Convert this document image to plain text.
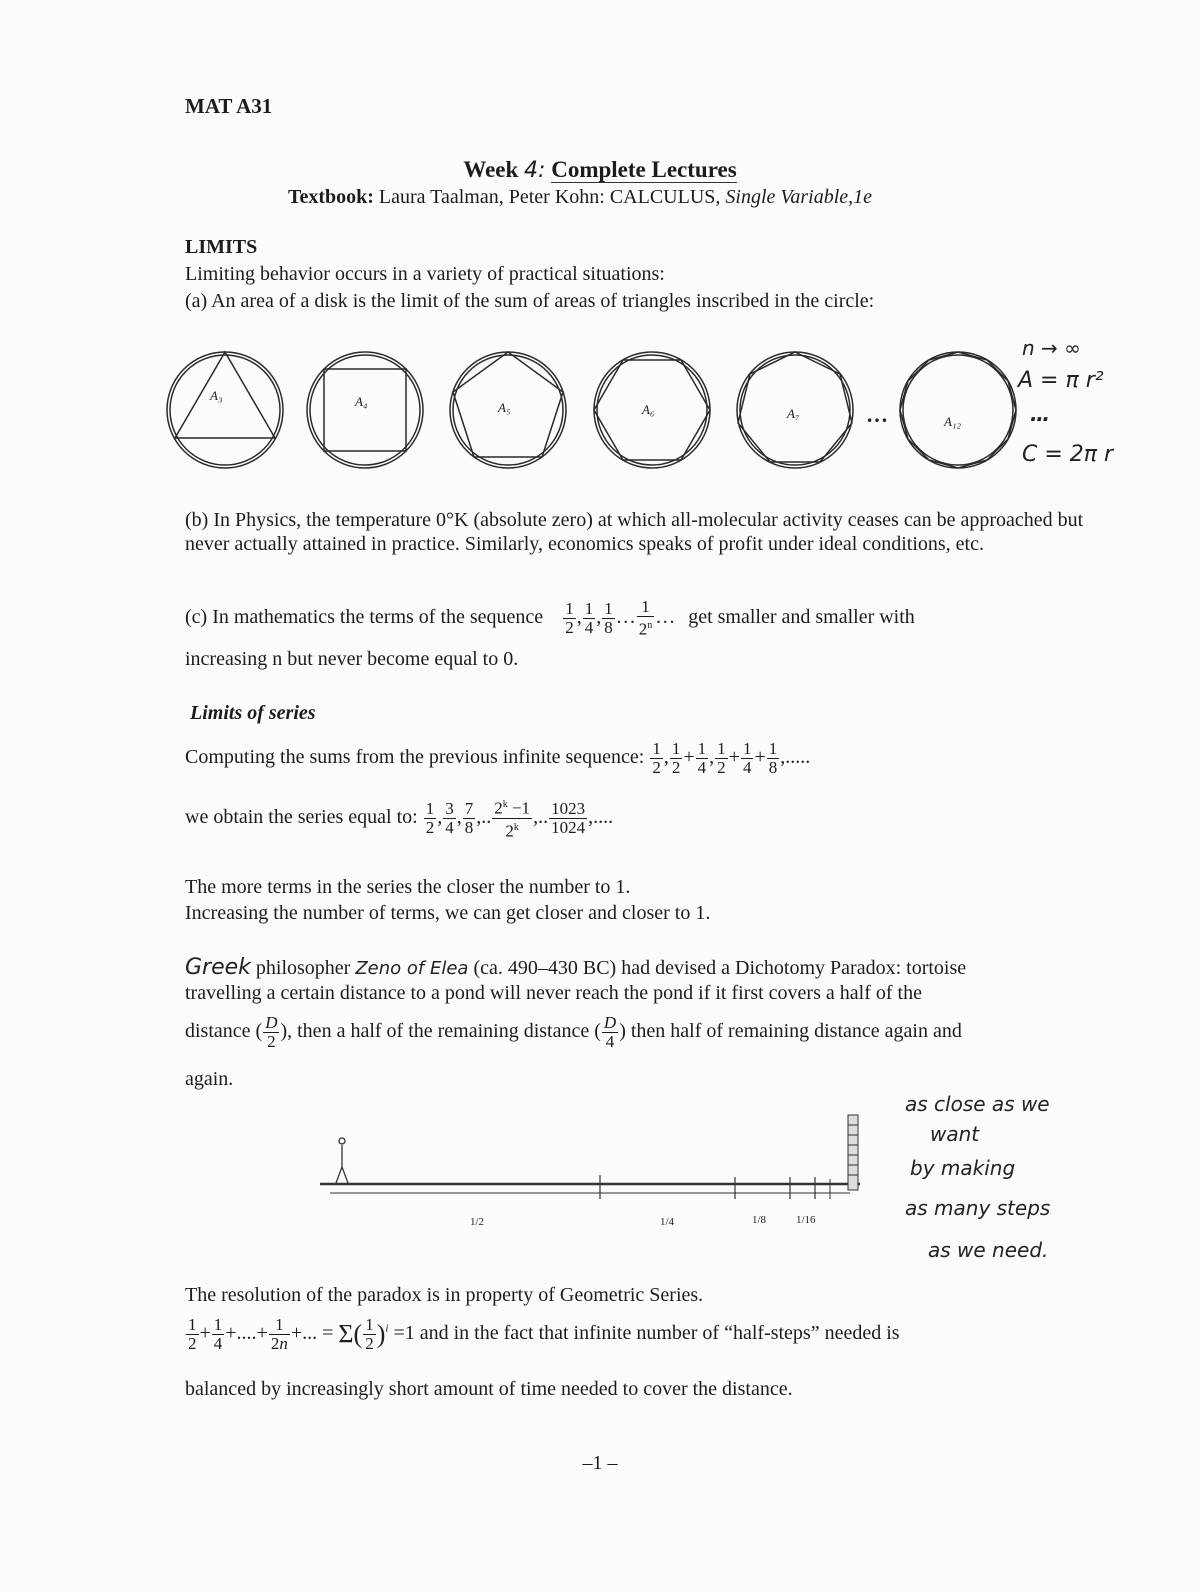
MAT A31
Week 4: Complete Lectures
Textbook: Laura Taalman, Peter Kohn: CALCULUS, Single Variable,1e
LIMITS
Limiting behavior occurs in a variety of practical situations:
(a) An area of a disk is the limit of the sum of areas of triangles inscribed in the circle:
A₃	A₄	A₅	A₆	A₇
A₁₂
…
n → ∞
A = π r²
…
C = 2π r
(b) In Physics, the temperature 0°K (absolute zero) at which all-molecular activity ceases can be approached but never actually attained in practice. Similarly, economics speaks of profit under ideal conditions, etc.
(c) In mathematics the terms of the sequence $\frac{1}{2}$ , $\frac{1}{4}$ , $\frac{1}{8}$ … $\frac{1}{2^n}$ … get smaller and smaller with
increasing n but never become equal to 0.
Limits of series
Computing the sums from the previous infinite sequence: $\frac{1}{2}$ , $\frac{1}{2} + \frac{1}{4}$ , $\frac{1}{2} + \frac{1}{4} + \frac{1}{8}$ ,.....
we obtain the series equal to: $\frac{1}{2}$ , $\frac{3}{4}$ , $\frac{7}{8}$ ,.. $\frac{2^k -1}{2^k}$ ,.. $\frac{1023}{1024}$ ,....
The more terms in the series the closer the number to 1.
Increasing the number of terms, we can get closer and closer to 1.
Greek philosopher Zeno of Elea (ca. 490–430 BC) had devised a Dichotomy Paradox: tortoise
travelling a certain distance to a pond will never reach the pond if it first covers a half of the
distance ( $\frac{D}{2}$ ), then a half of the remaining distance ( $\frac{D}{4}$ ) then half of remaining distance again and
again.
1/2	1/4	1/8	1/16
as close as we
want
by making
as many steps
as we need.
The resolution of the paradox is in property of Geometric Series.
$\frac{1}{2} + \frac{1}{4}$ +....+ $\frac{1}{2n}$ +... = $\Sigma( \frac{1}{2} )^i =1$ and in the fact that infinite number of “half-steps” needed is
balanced by increasingly short amount of time needed to cover the distance.
–1 –
